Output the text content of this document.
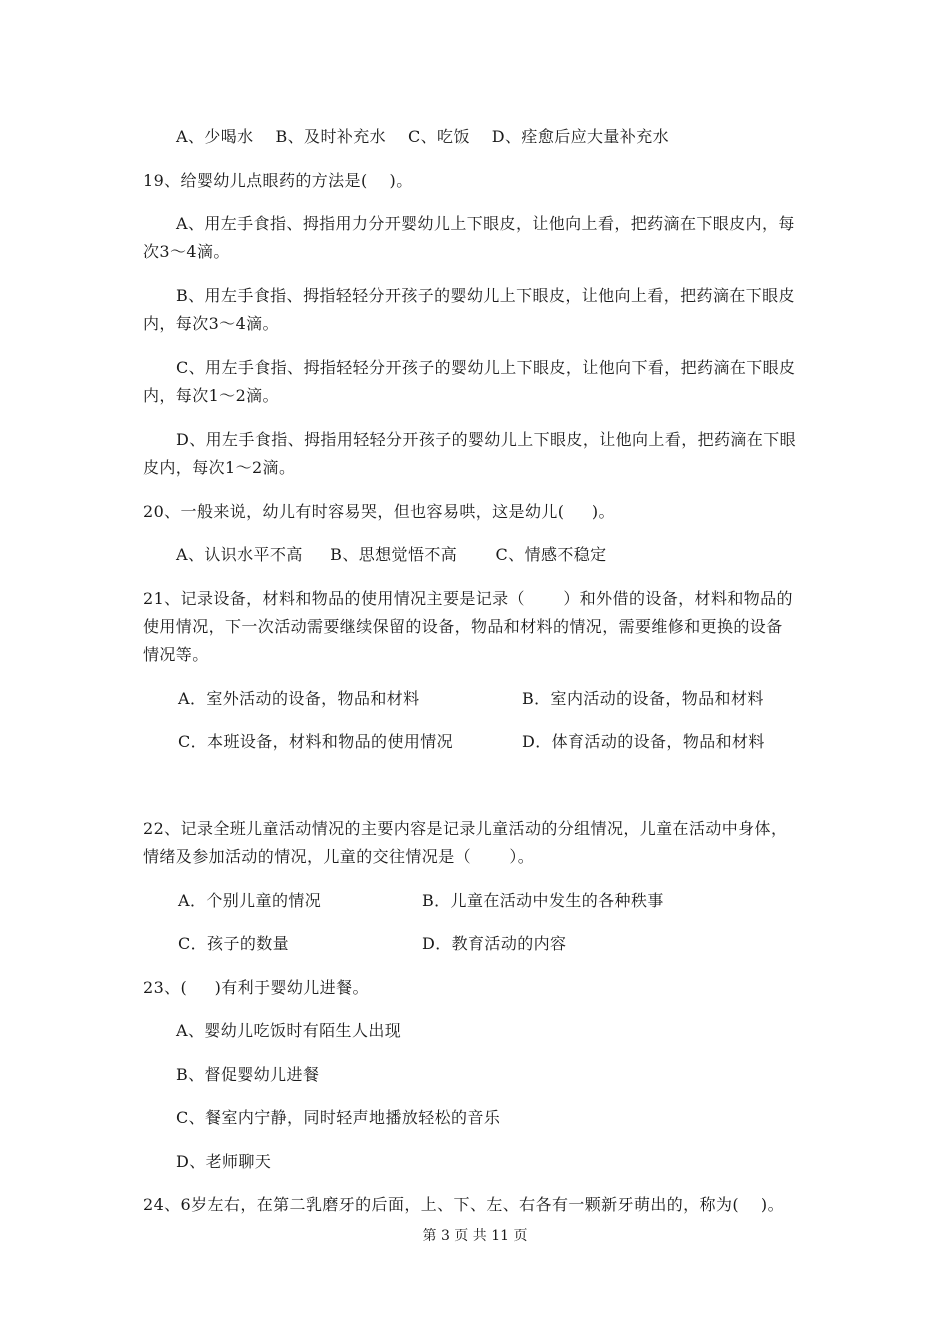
A、少喝水    B、及时补充水    C、吃饭    D、痊愈后应大量补充水
19、给婴幼儿点眼药的方法是(    )。
A、用左手食指、拇指用力分开婴幼儿上下眼皮，让他向上看，把药滴在下眼皮内，每
次3～4滴。
B、用左手食指、拇指轻轻分开孩子的婴幼儿上下眼皮，让他向上看，把药滴在下眼皮
内，每次3～4滴。
C、用左手食指、拇指轻轻分开孩子的婴幼儿上下眼皮，让他向下看，把药滴在下眼皮
内，每次1～2滴。
D、用左手食指、拇指用轻轻分开孩子的婴幼儿上下眼皮，让他向上看，把药滴在下眼
皮内，每次1～2滴。
20、一般来说，幼儿有时容易哭，但也容易哄，这是幼儿(     )。
A、认识水平不高     B、思想觉悟不高       C、情感不稳定
21、记录设备，材料和物品的使用情况主要是记录（       ）和外借的设备，材料和物品的
使用情况，下一次活动需要继续保留的设备，物品和材料的情况，需要维修和更换的设备
情况等。
A．室外活动的设备，物品和材料	B．室内活动的设备，物品和材料
C．本班设备，材料和物品的使用情况	D．体育活动的设备，物品和材料
22、记录全班儿童活动情况的主要内容是记录儿童活动的分组情况，儿童在活动中身体，
情绪及参加活动的情况，儿童的交往情况是（       ）。
A．个别儿童的情况	B．儿童在活动中发生的各种秩事
C．孩子的数量	D．教育活动的内容
23、(     )有利于婴幼儿进餐。
A、婴幼儿吃饭时有陌生人出现
B、督促婴幼儿进餐
C、餐室内宁静，同时轻声地播放轻松的音乐
D、老师聊天
24、6岁左右，在第二乳磨牙的后面，上、下、左、右各有一颗新牙萌出的，称为(    )。
第 3 页 共 11 页
